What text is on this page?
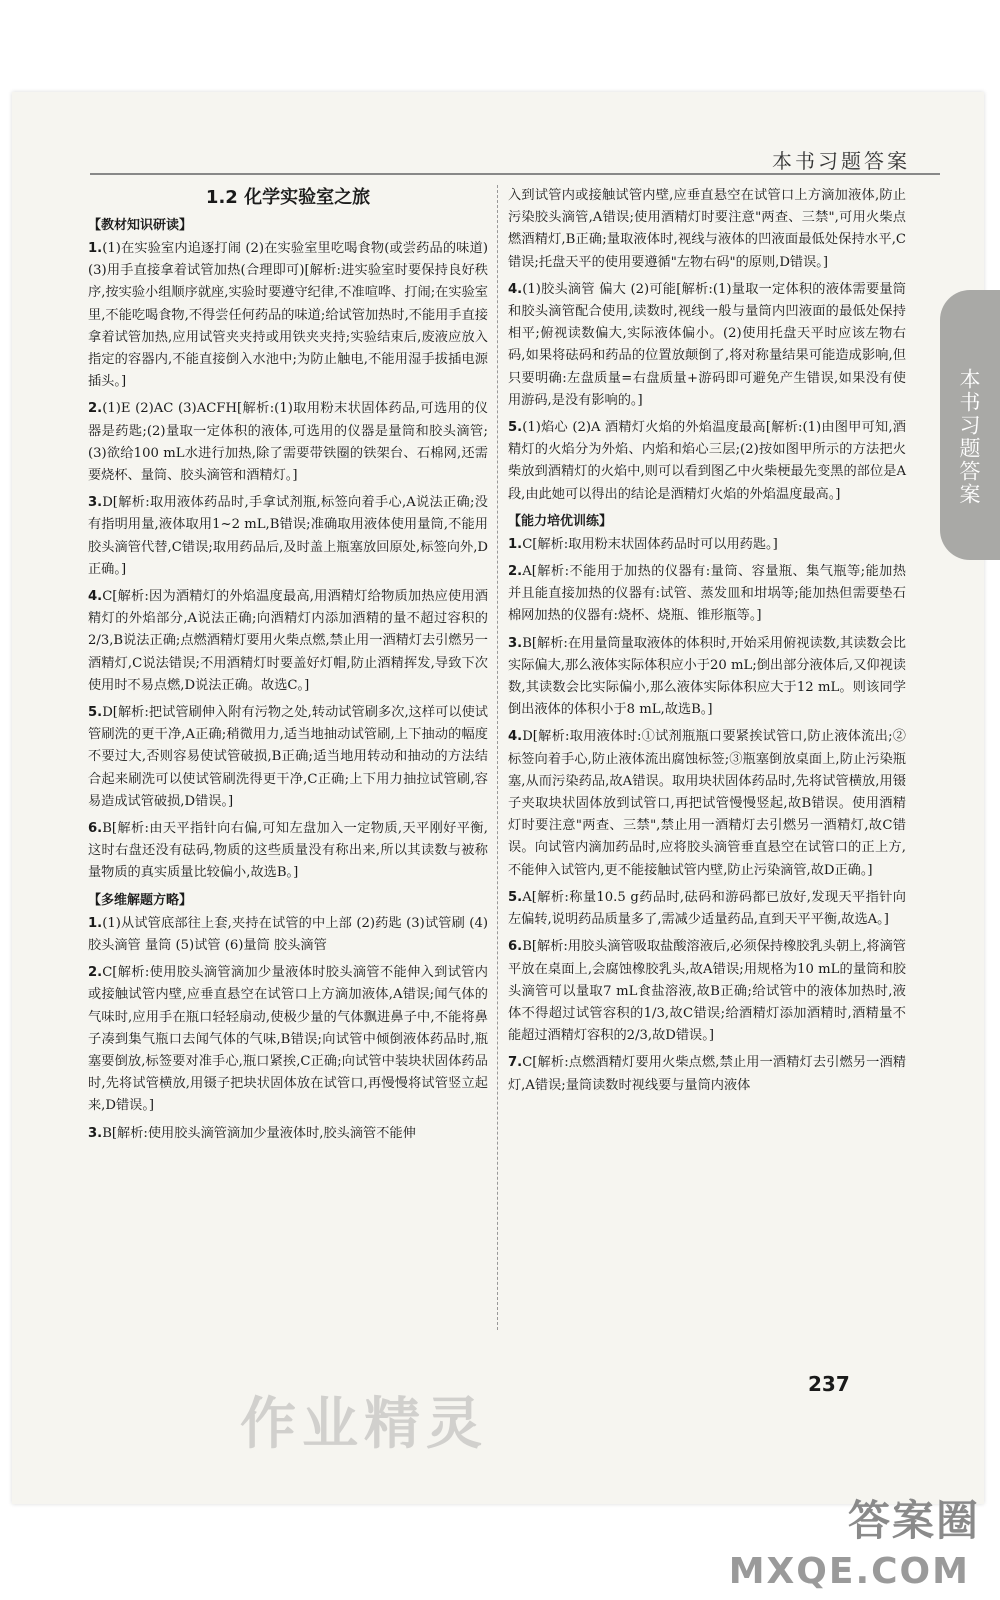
本书习题答案
本书习题答案
1.2 化学实验室之旅
【教材知识研读】
1.(1)在实验室内追逐打闹 (2)在实验室里吃喝食物(或尝药品的味道) (3)用手直接拿着试管加热(合理即可)[解析:进实验室时要保持良好秩序,按实验小组顺序就座,实验时要遵守纪律,不准喧哗、打闹;在实验室里,不能吃喝食物,不得尝任何药品的味道;给试管加热时,不能用手直接拿着试管加热,应用试管夹夹持或用铁夹夹持;实验结束后,废液应放入指定的容器内,不能直接倒入水池中;为防止触电,不能用湿手拔插电源插头。]
2.(1)E (2)AC (3)ACFH[解析:(1)取用粉末状固体药品,可选用的仪器是药匙;(2)量取一定体积的液体,可选用的仪器是量筒和胶头滴管;(3)欲给100 mL水进行加热,除了需要带铁圈的铁架台、石棉网,还需要烧杯、量筒、胶头滴管和酒精灯。]
3.D[解析:取用液体药品时,手拿试剂瓶,标签向着手心,A说法正确;没有指明用量,液体取用1~2 mL,B错误;准确取用液体使用量筒,不能用胶头滴管代替,C错误;取用药品后,及时盖上瓶塞放回原处,标签向外,D正确。]
4.C[解析:因为酒精灯的外焰温度最高,用酒精灯给物质加热应使用酒精灯的外焰部分,A说法正确;向酒精灯内添加酒精的量不超过容积的2/3,B说法正确;点燃酒精灯要用火柴点燃,禁止用一酒精灯去引燃另一酒精灯,C说法错误;不用酒精灯时要盖好灯帽,防止酒精挥发,导致下次使用时不易点燃,D说法正确。故选C。]
5.D[解析:把试管刷伸入附有污物之处,转动试管刷多次,这样可以使试管刷洗的更干净,A正确;稍微用力,适当地抽动试管刷,上下抽动的幅度不要过大,否则容易使试管破损,B正确;适当地用转动和抽动的方法结合起来刷洗可以使试管刷洗得更干净,C正确;上下用力抽拉试管刷,容易造成试管破损,D错误。]
6.B[解析:由天平指针向右偏,可知左盘加入一定物质,天平刚好平衡,这时右盘还没有砝码,物质的这些质量没有称出来,所以其读数与被称量物质的真实质量比较偏小,故选B。]
【多维解题方略】
1.(1)从试管底部往上套,夹持在试管的中上部 (2)药匙 (3)试管刷 (4)胶头滴管 量筒 (5)试管 (6)量筒 胶头滴管
2.C[解析:使用胶头滴管滴加少量液体时胶头滴管不能伸入到试管内或接触试管内壁,应垂直悬空在试管口上方滴加液体,A错误;闻气体的气味时,应用手在瓶口轻轻扇动,使极少量的气体飘进鼻子中,不能将鼻子凑到集气瓶口去闻气体的气味,B错误;向试管中倾倒液体药品时,瓶塞要倒放,标签要对准手心,瓶口紧挨,C正确;向试管中装块状固体药品时,先将试管横放,用镊子把块状固体放在试管口,再慢慢将试管竖立起来,D错误。]
3.B[解析:使用胶头滴管滴加少量液体时,胶头滴管不能伸
入到试管内或接触试管内壁,应垂直悬空在试管口上方滴加液体,防止污染胶头滴管,A错误;使用酒精灯时要注意"两查、三禁",可用火柴点燃酒精灯,B正确;量取液体时,视线与液体的凹液面最低处保持水平,C错误;托盘天平的使用要遵循"左物右码"的原则,D错误。]
4.(1)胶头滴管 偏大 (2)可能[解析:(1)量取一定体积的液体需要量筒和胶头滴管配合使用,读数时,视线一般与量筒内凹液面的最低处保持相平;俯视读数偏大,实际液体偏小。(2)使用托盘天平时应该左物右码,如果将砝码和药品的位置放颠倒了,将对称量结果可能造成影响,但只要明确:左盘质量=右盘质量+游码即可避免产生错误,如果没有使用游码,是没有影响的。]
5.(1)焰心 (2)A 酒精灯火焰的外焰温度最高[解析:(1)由图甲可知,酒精灯的火焰分为外焰、内焰和焰心三层;(2)按如图甲所示的方法把火柴放到酒精灯的火焰中,则可以看到图乙中火柴梗最先变黑的部位是A段,由此她可以得出的结论是酒精灯火焰的外焰温度最高。]
【能力培优训练】
1.C[解析:取用粉末状固体药品时可以用药匙。]
2.A[解析:不能用于加热的仪器有:量筒、容量瓶、集气瓶等;能加热并且能直接加热的仪器有:试管、蒸发皿和坩埚等;能加热但需要垫石棉网加热的仪器有:烧杯、烧瓶、锥形瓶等。]
3.B[解析:在用量筒量取液体的体积时,开始采用俯视读数,其读数会比实际偏大,那么液体实际体积应小于20 mL;倒出部分液体后,又仰视读数,其读数会比实际偏小,那么液体实际体积应大于12 mL。则该同学倒出液体的体积小于8 mL,故选B。]
4.D[解析:取用液体时:①试剂瓶瓶口要紧挨试管口,防止液体流出;②标签向着手心,防止液体流出腐蚀标签;③瓶塞倒放桌面上,防止污染瓶塞,从而污染药品,故A错误。取用块状固体药品时,先将试管横放,用镊子夹取块状固体放到试管口,再把试管慢慢竖起,故B错误。使用酒精灯时要注意"两查、三禁",禁止用一酒精灯去引燃另一酒精灯,故C错误。向试管内滴加药品时,应将胶头滴管垂直悬空在试管口的正上方,不能伸入试管内,更不能接触试管内壁,防止污染滴管,故D正确。]
5.A[解析:称量10.5 g药品时,砝码和游码都已放好,发现天平指针向左偏转,说明药品质量多了,需减少适量药品,直到天平平衡,故选A。]
6.B[解析:用胶头滴管吸取盐酸溶液后,必须保持橡胶乳头朝上,将滴管平放在桌面上,会腐蚀橡胶乳头,故A错误;用规格为10 mL的量筒和胶头滴管可以量取7 mL食盐溶液,故B正确;给试管中的液体加热时,液体不得超过试管容积的1/3,故C错误;给酒精灯添加酒精时,酒精量不能超过酒精灯容积的2/3,故D错误。]
7.C[解析:点燃酒精灯要用火柴点燃,禁止用一酒精灯去引燃另一酒精灯,A错误;量筒读数时视线要与量筒内液体
237
作业精灵
答案圈
MXQE.COM
